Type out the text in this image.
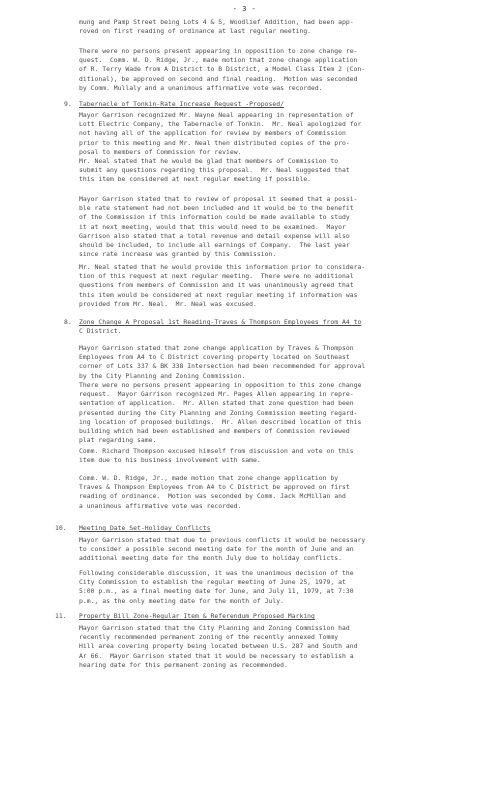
- 3 -
mung and Pamp Street being Lots 4 & 5, Woodlief Addition, had been app-
roved on first reading of ordinance at last regular meeting.
There were no persons present appearing in opposition to zone change re-
quest.  Comm. W. D. Ridge, Jr., made motion that zone change application
of R. Terry Wade from A District to B District, a Model Class Item 2 (Con-
ditional), be approved on second and final reading.  Motion was seconded
by Comm. Mullaly and a unanimous affirmative vote was recorded.
9. Tabernacle of Tonkin-Rate Increase Request -Proposed/
Mayor Garrison recognized Mr. Wayne Neal appearing in representation of
Lott Electric Company, the Tabernacle of Tonkin.  Mr. Neal apologized for
not having all of the application for review by members of Commission
prior to this meeting and Mr. Neal then distributed copies of the pro-
posal to members of Commission for review.
Mr. Neal stated that he would be glad that members of Commission to
submit any questions regarding this proposal.  Mr. Neal suggested that
this item be considered at next regular meeting if possible.
Mayor Garrison stated that to review of proposal it seemed that a possi-
ble rate statement had not been included and it would be to the benefit
of the Commission if this information could be made available to study
it at next meeting, would that this would need to be examined.  Mayor
Garrison also stated that a total revenue and detail expense will also
should be included, to include all earnings of Company.  The last year
since rate increase was granted by this Commission.
Mr. Neal stated that he would provide this information prior to considera-
tion of this request at next regular meeting.  There were no additional
questions from members of Commission and it was unanimously agreed that
this item would be considered at next regular meeting if information was
provided from Mr. Neal.  Mr. Neal was excused.
8. Zone Change A Proposal 1st Reading-Traves & Thompson Employees from A4 to
C District.
Mayor Garrison stated that zone change application by Traves & Thompson
Employees from A4 to C District covering property located on Southeast
corner of Lots 337 & BK 338 Intersection had been recommended for approval
by the City Planning and Zoning Commission.
There were no persons present appearing in opposition to this zone change
request.  Mayor Garrison recognized Mr. Pages Allen appearing in repre-
sentation of application.  Mr. Allen stated that zone question had been
presented during the City Planning and Zoning Commission meeting regard-
ing location of proposed buildings.  Mr. Allen described location of this
building which had been established and members of Commission reviewed
plat regarding same.
Comm. Richard Thompson excused himself from discussion and vote on this
item due to his business involvement with same.
Comm. W. D. Ridge, Jr., made motion that zone change application by
Traves & Thompson Employees from A4 to C District be approved on first
reading of ordinance.  Motion was seconded by Comm. Jack McMillan and
a unanimous affirmative vote was recorded.
10. Meeting Date Set-Holiday Conflicts
Mayor Garrison stated that due to previous conflicts it would be necessary
to consider a possible second meeting date for the month of June and an
additional meeting date for the month July due to holiday conflicts.
Following considerable discussion, it was the unanimous decision of the
City Commission to establish the regular meeting of June 25, 1979, at
5:00 p.m., as a final meeting date for June, and July 11, 1979, at 7:30
p.m., as the only meeting date for the month of July.
11. Property Bill Zone-Regular Item & Referendum Proposed Marking
Mayor Garrison stated that the City Planning and Zoning Commission had
recently recommended permanent zoning of the recently annexed Tommy
Hill area covering property being located between U.S. 287 and South and
Ar 66.  Mayor Garrison stated that it would be necessary to establish a
hearing date for this permanent zoning as recommended.
